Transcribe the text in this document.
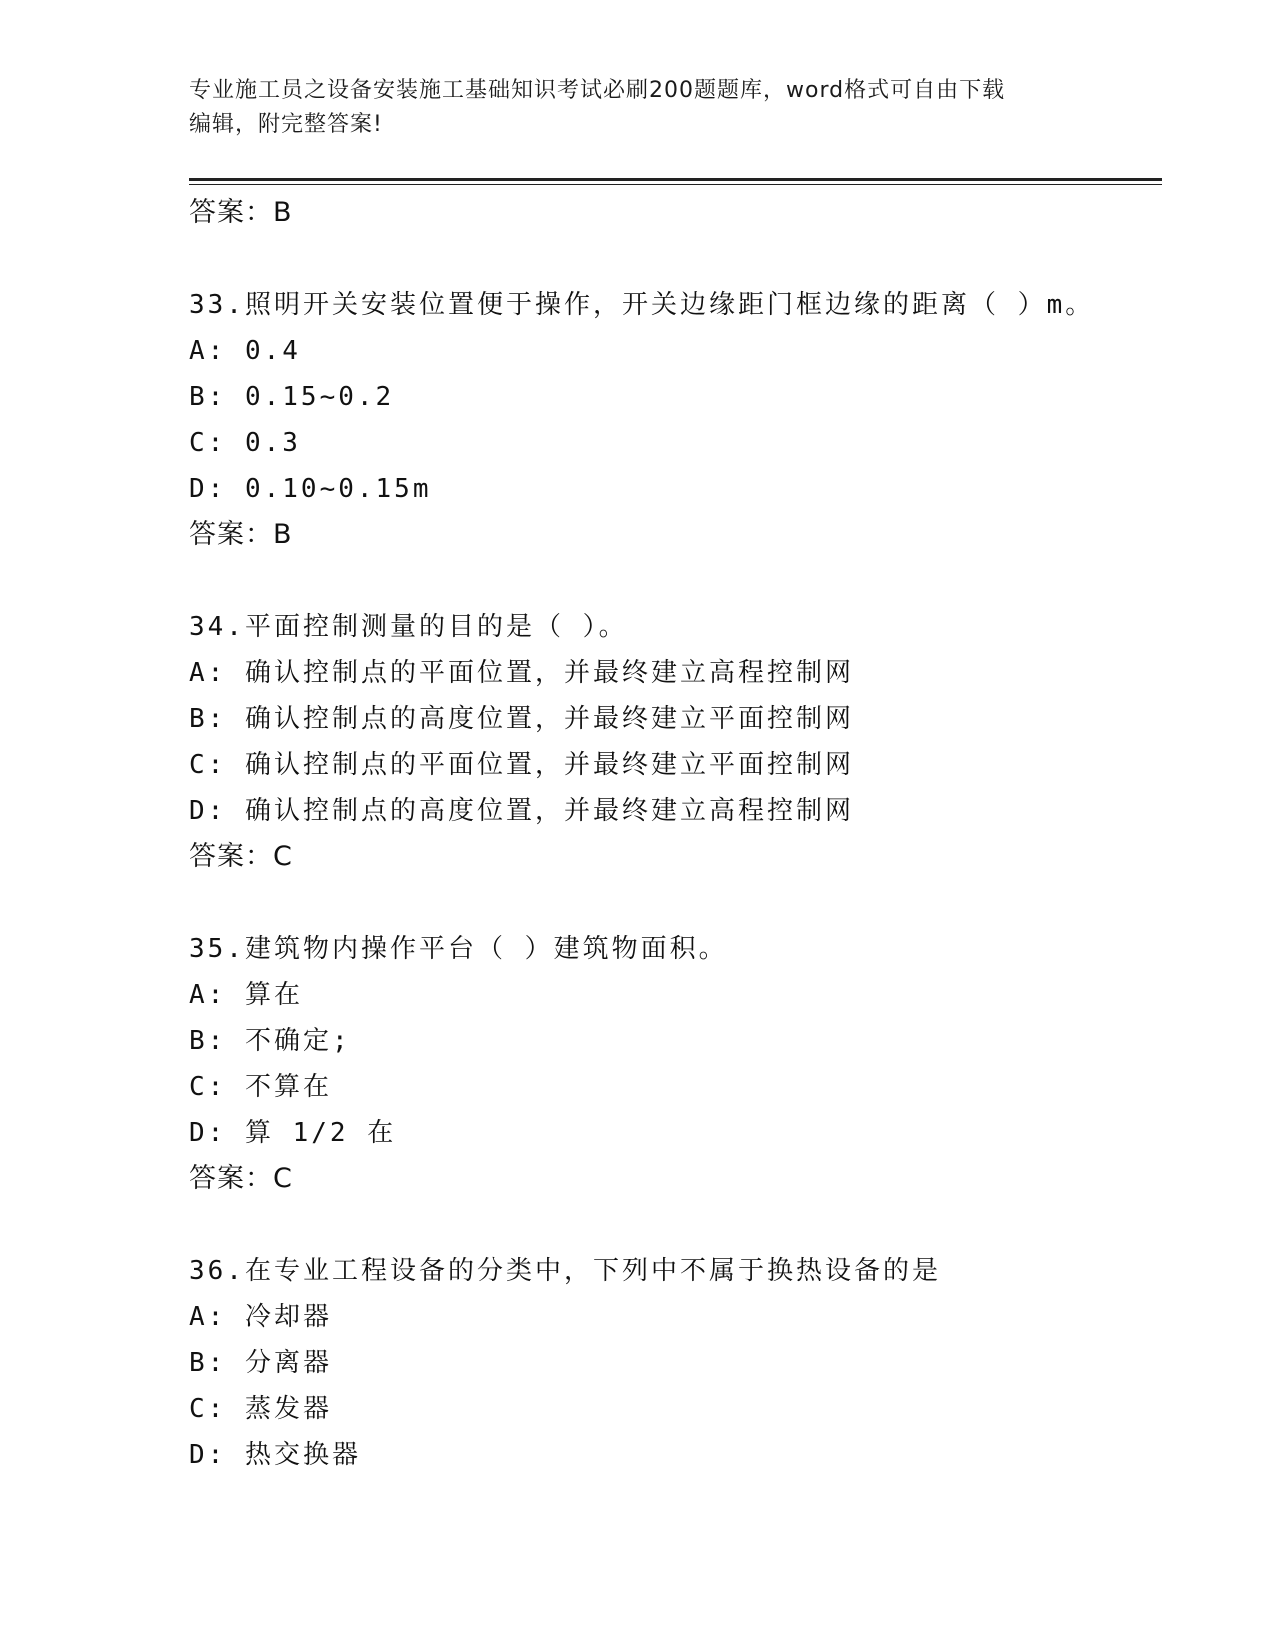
专业施工员之设备安装施工基础知识考试必刷200题题库，word格式可自由下载
编辑，附完整答案!
答案：B
33.照明开关安装位置便于操作，开关边缘距门框边缘的距离（ ）m。
A: 0.4
B: 0.15~0.2
C: 0.3
D: 0.10~0.15m
答案：B
34.平面控制测量的目的是（ ）。
A: 确认控制点的平面位置，并最终建立高程控制网
B: 确认控制点的高度位置，并最终建立平面控制网
C: 确认控制点的平面位置，并最终建立平面控制网
D: 确认控制点的高度位置，并最终建立高程控制网
答案：C
35.建筑物内操作平台（ ）建筑物面积。
A: 算在
B: 不确定;
C: 不算在
D: 算 1/2 在
答案：C
36.在专业工程设备的分类中，下列中不属于换热设备的是
A: 冷却器
B: 分离器
C: 蒸发器
D: 热交换器
